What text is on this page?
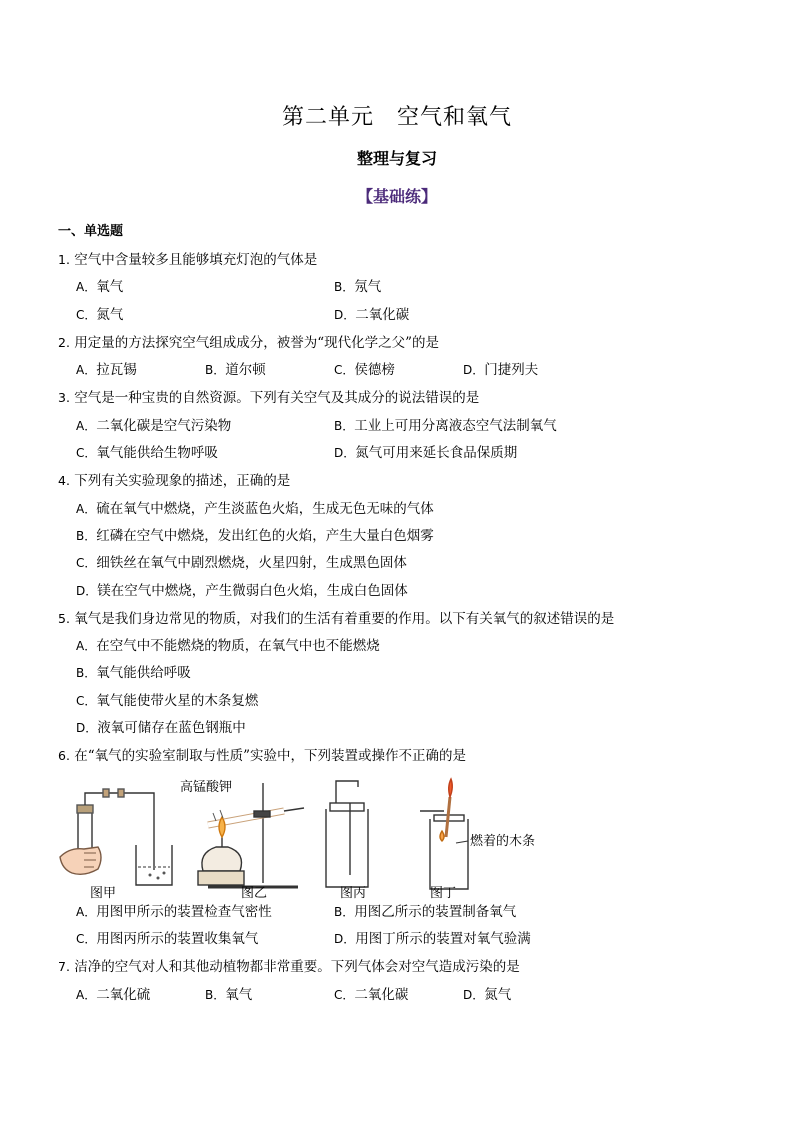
第二单元　空气和氧气
整理与复习
【基础练】
一、单选题
1. 空气中含量较多且能够填充灯泡的气体是
A．氧气	B．氖气
C．氮气	D．二氧化碳
2. 用定量的方法探究空气组成成分，被誉为“现代化学之父”的是
A．拉瓦锡	B．道尔顿	C．侯德榜	D．门捷列夫
3. 空气是一种宝贵的自然资源。下列有关空气及其成分的说法错误的是
A．二氧化碳是空气污染物	B．工业上可用分离液态空气法制氧气
C．氧气能供给生物呼吸	D．氮气可用来延长食品保质期
4. 下列有关实验现象的描述，正确的是
A．硫在氧气中燃烧，产生淡蓝色火焰，生成无色无味的气体
B．红磷在空气中燃烧，发出红色的火焰，产生大量白色烟雾
C．细铁丝在氧气中剧烈燃烧，火星四射，生成黑色固体
D．镁在空气中燃烧，产生微弱白色火焰，生成白色固体
5. 氧气是我们身边常见的物质，对我们的生活有着重要的作用。以下有关氧气的叙述错误的是
A．在空气中不能燃烧的物质，在氧气中也不能燃烧
B．氧气能供给呼吸
C．氧气能使带火星的木条复燃
D．液氧可储存在蓝色钢瓶中
6. 在“氧气的实验室制取与性质”实验中，下列装置或操作不正确的是
高锰酸钾
燃着的木条
图甲	图乙	图丙	图丁
A．用图甲所示的装置检查气密性	B．用图乙所示的装置制备氧气
C．用图丙所示的装置收集氧气	D．用图丁所示的装置对氧气验满
7. 洁净的空气对人和其他动植物都非常重要。下列气体会对空气造成污染的是
A．二氧化硫	B．氧气	C．二氧化碳	D．氮气
